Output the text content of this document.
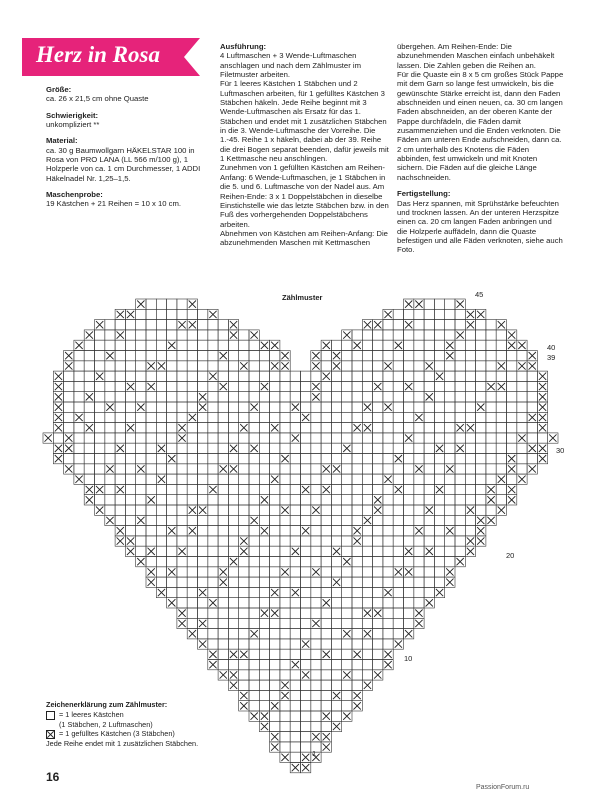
Herz in Rosa
Größe:
ca. 26 x 21,5 cm ohne Quaste
Schwierigkeit:
unkompliziert **
Material:
ca. 30 g Baumwollgarn HÄKELSTAR 100 in Rosa von PRO LANA (LL 566 m/100 g), 1 Holzperle von ca. 1 cm Durchmesser, 1 ADDI Häkelnadel Nr. 1,25–1,5.
Maschenprobe:
19 Kästchen + 21 Reihen = 10 x 10 cm.
Ausführung:
4 Luftmaschen + 3 Wende-Luftmaschen anschlagen und nach dem Zählmuster im Filetmuster arbeiten.
Für 1 leeres Kästchen 1 Stäbchen und 2 Luftmaschen arbeiten, für 1 gefülltes Kästchen 3 Stäbchen häkeln. Jede Reihe beginnt mit 3 Wende-Luftmaschen als Ersatz für das 1. Stäbchen und endet mit 1 zusätzlichen Stäbchen in die 3. Wende-Luftmasche der Vorreihe. Die 1.-45. Reihe 1 x häkeln, dabei ab der 39. Reihe die drei Bogen separat beenden, dafür jeweils mit 1 Kettmasche neu anschlingen.
Zunehmen von 1 gefüllten Kästchen am Reihen-Anfang: 6 Wende-Luftmaschen, je 1 Stäbchen in die 5. und 6. Luftmasche von der Nadel aus. Am Reihen-Ende: 3 x 1 Doppelstäbchen in dieselbe Einstichstelle wie das letzte Stäbchen bzw. in den Fuß des vorhergehenden Doppelstäbchens arbeiten.
Abnehmen von Kästchen am Reihen-Anfang: Die abzunehmenden Maschen mit Kettmaschen
übergehen. Am Reihen-Ende: Die abzunehmenden Maschen einfach unbehäkelt lassen. Die Zahlen geben die Reihen an.
Für die Quaste ein 8 x 5 cm großes Stück Pappe mit dem Garn so lange fest umwickeln, bis die gewünschte Stärke erreicht ist, dann den Faden abschneiden und einen neuen, ca. 30 cm langen Faden abschneiden, an der oberen Kante der Pappe durchfädeln, die Fäden damit zusammenziehen und die Enden verknoten. Die Fäden am unteren Ende aufschneiden, dann ca. 2 cm unterhalb des Knotens die Fäden abbinden, fest umwickeln und mit Knoten sichern. Die Fäden auf die gleiche Länge nachschneiden.
Fertigstellung:
Das Herz spannen, mit Sprühstärke befeuchten und trocknen lassen. An der unteren Herzspitze einen ca. 20 cm langen Faden anbringen und die Holzperle auffädeln, dann die Quaste befestigen und alle Fäden verknoten, siehe auch Foto.
Zählmuster	45
40
39
30
20
10
1
Zeichenerklärung zum Zählmuster:
= 1 leeres Kästchen
(1 Stäbchen, 2 Luftmaschen)
= 1 gefülltes Kästchen (3 Stäbchen)
Jede Reihe endet mit 1 zusätzlichen Stäbchen.
16
PassionForum.ru
